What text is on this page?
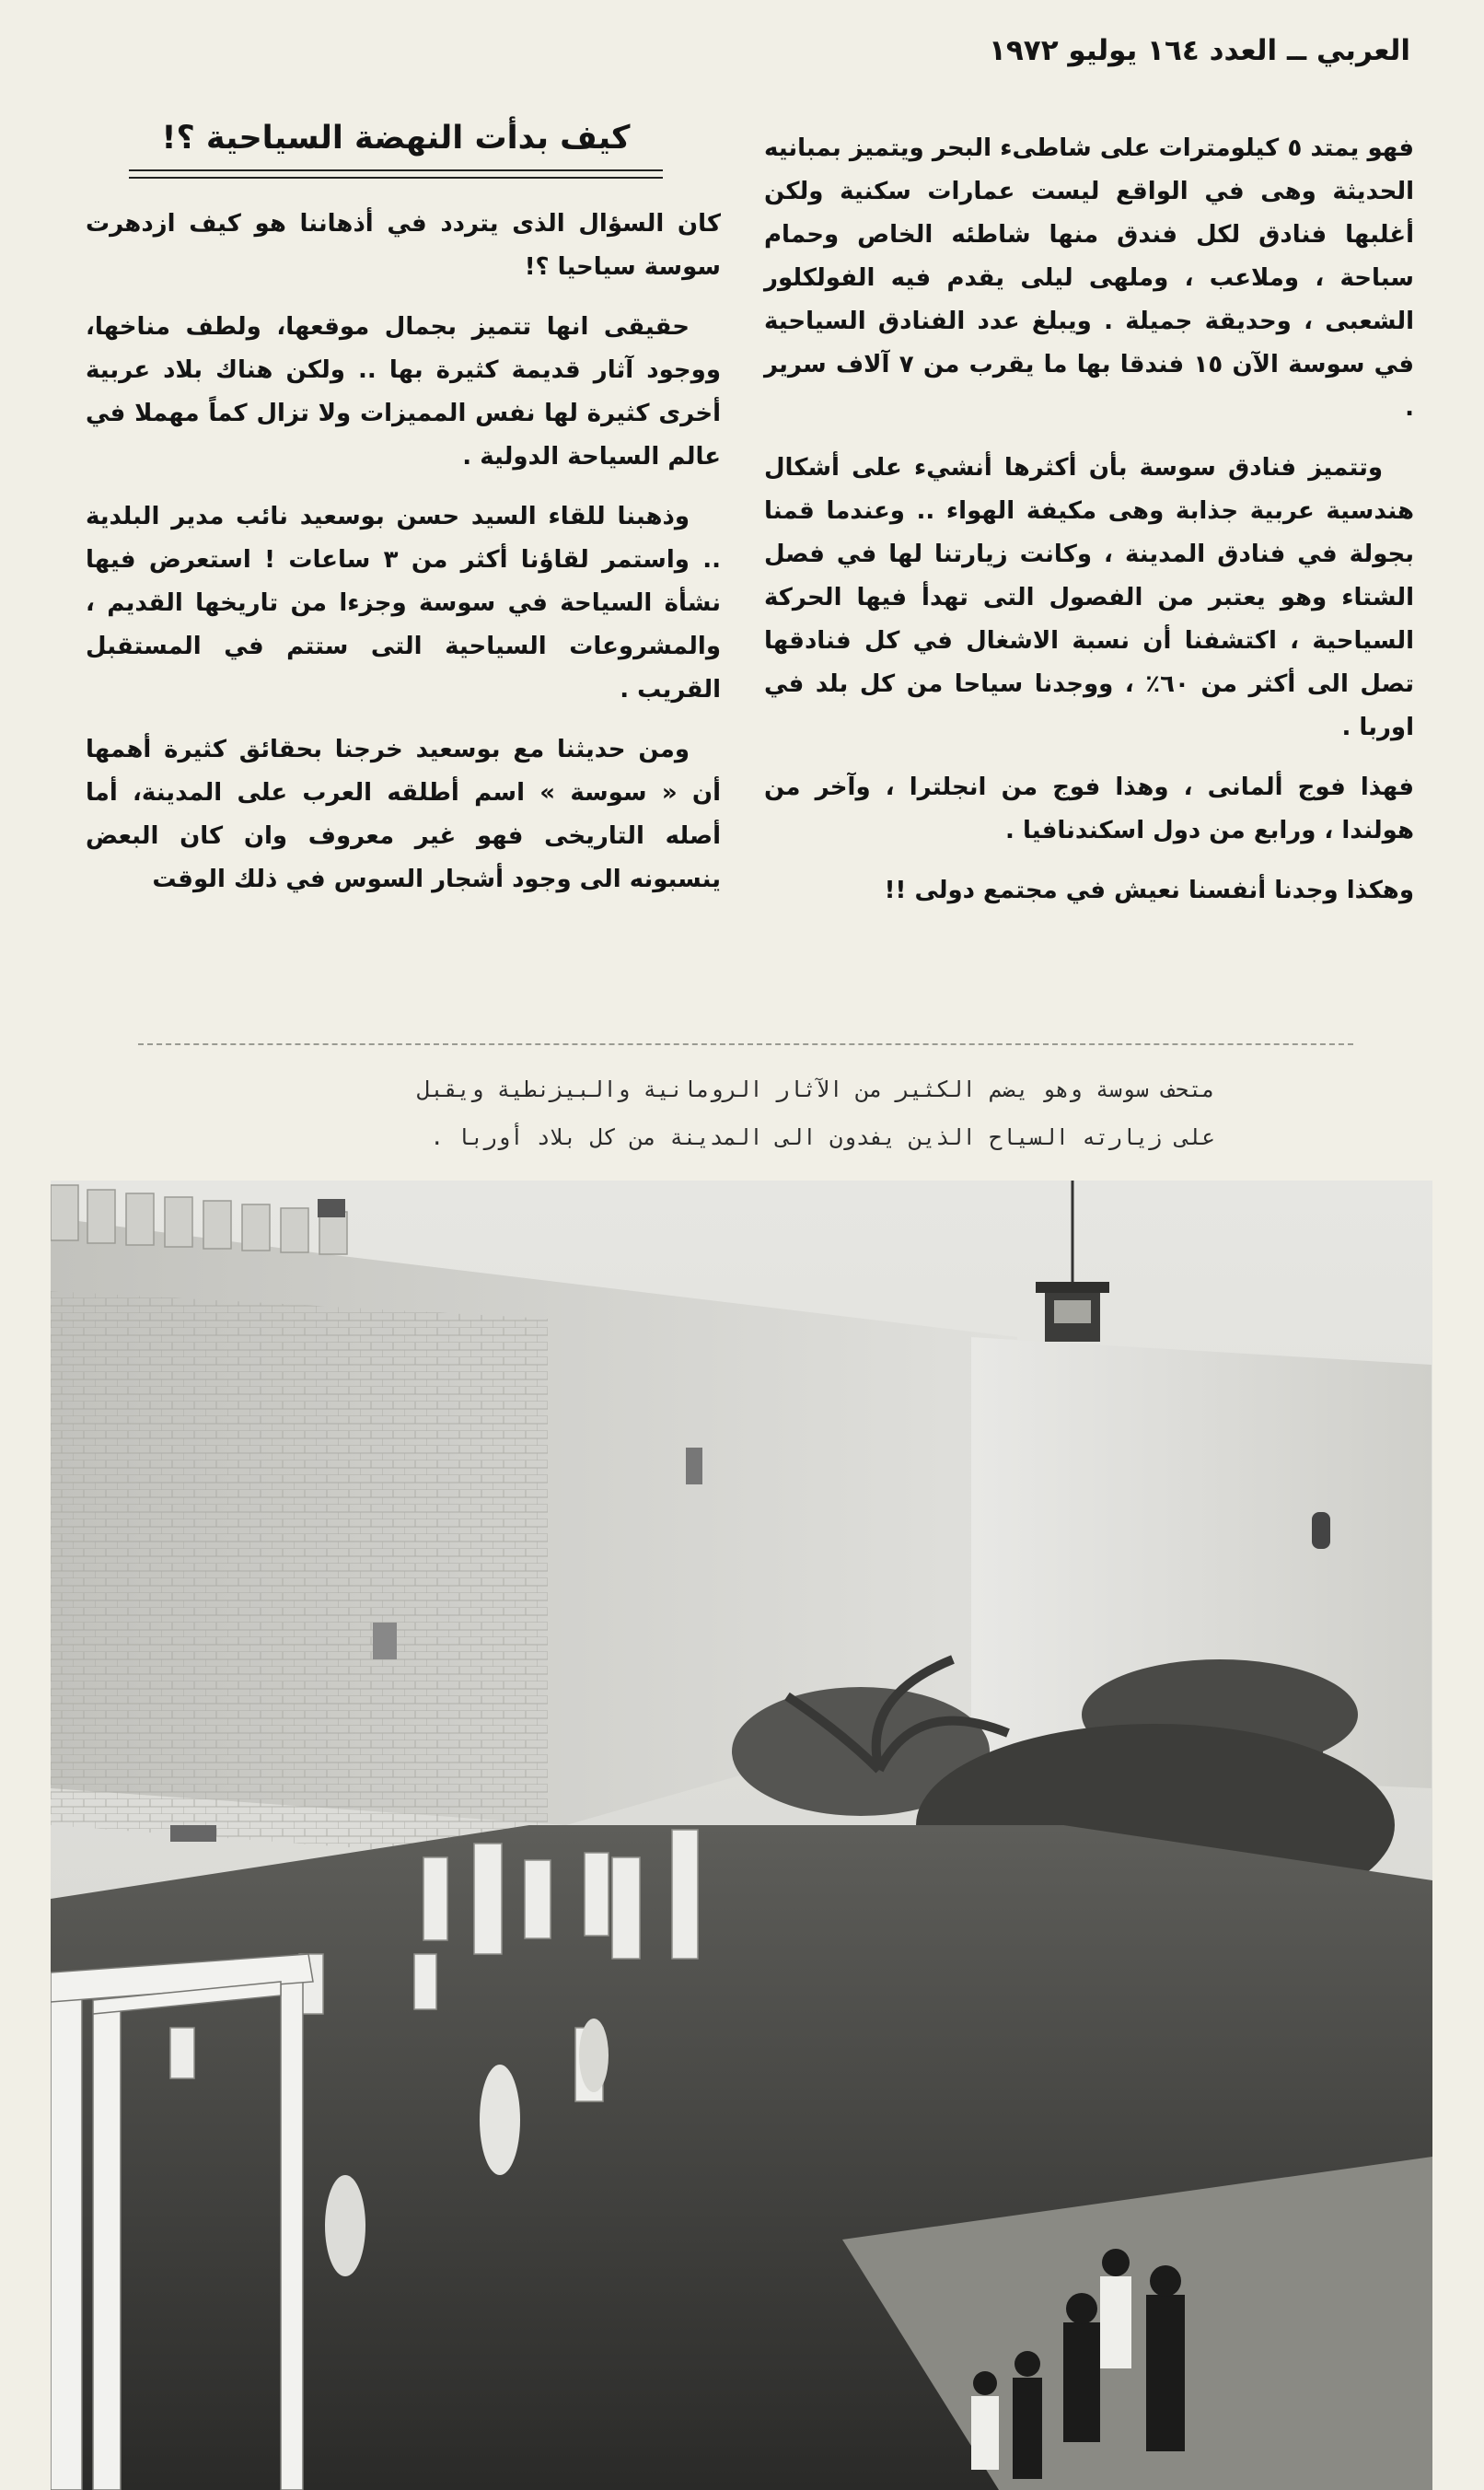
العربي ــ العدد ١٦٤ يوليو ١٩٧٢

فهو يمتد ٥ كيلومترات على شاطىء البحر ويتميز بمبانيه الحديثة وهى في الواقع ليست عمارات سكنية ولكن أغلبها فنادق لكل فندق منها شاطئه الخاص وحمام سباحة ، وملاعب ، وملهى ليلى يقدم فيه الفولكلور الشعبى ، وحديقة جميلة . ويبلغ عدد الفنادق السياحية في سوسة الآن ١٥ فندقا بها ما يقرب من ٧ آلاف سرير .

وتتميز فنادق سوسة بأن أكثرها أنشيء على أشكال هندسية عربية جذابة وهى مكيفة الهواء .. وعندما قمنا بجولة في فنادق المدينة ، وكانت زيارتنا لها في فصل الشتاء وهو يعتبر من الفصول التى تهدأ فيها الحركة السياحية ، اكتشفنا أن نسبة الاشغال في كل فنادقها تصل الى أكثر من ٦٠٪ ، ووجدنا سياحا من كل بلد في اوربا .

فهذا فوج ألمانى ، وهذا فوج من انجلترا ، وآخر من هولندا ، ورابع من دول اسكندنافيا .

وهكذا وجدنا أنفسنا نعيش في مجتمع دولى !!

كيف بدأت النهضة السياحية ؟!

كان السؤال الذى يتردد في أذهاننا هو كيف ازدهرت سوسة سياحيا ؟!

حقيقى انها تتميز بجمال موقعها، ولطف مناخها، ووجود آثار قديمة كثيرة بها .. ولكن هناك بلاد عربية أخرى كثيرة لها نفس المميزات ولا تزال كماً مهملا في عالم السياحة الدولية .

وذهبنا للقاء السيد حسن بوسعيد نائب مدير البلدية .. واستمر لقاؤنا أكثر من ٣ ساعات ! استعرض فيها نشأة السياحة في سوسة وجزءا من تاريخها القديم ، والمشروعات السياحية التى ستتم في المستقبل القريب .

ومن حديثنا مع بوسعيد خرجنا بحقائق كثيرة أهمها أن « سوسة » اسم أطلقه العرب على المدينة، أما أصله التاريخى فهو غير معروف وان كان البعض ينسبونه الى وجود أشجار السوس في ذلك الوقت

متحف سوسة وهو يضم الكثير من الآثار الرومانية والبيزنطية ويقبل
على زيارته السياح الذين يفدون الى المدينة من كل بلاد أوربا .
